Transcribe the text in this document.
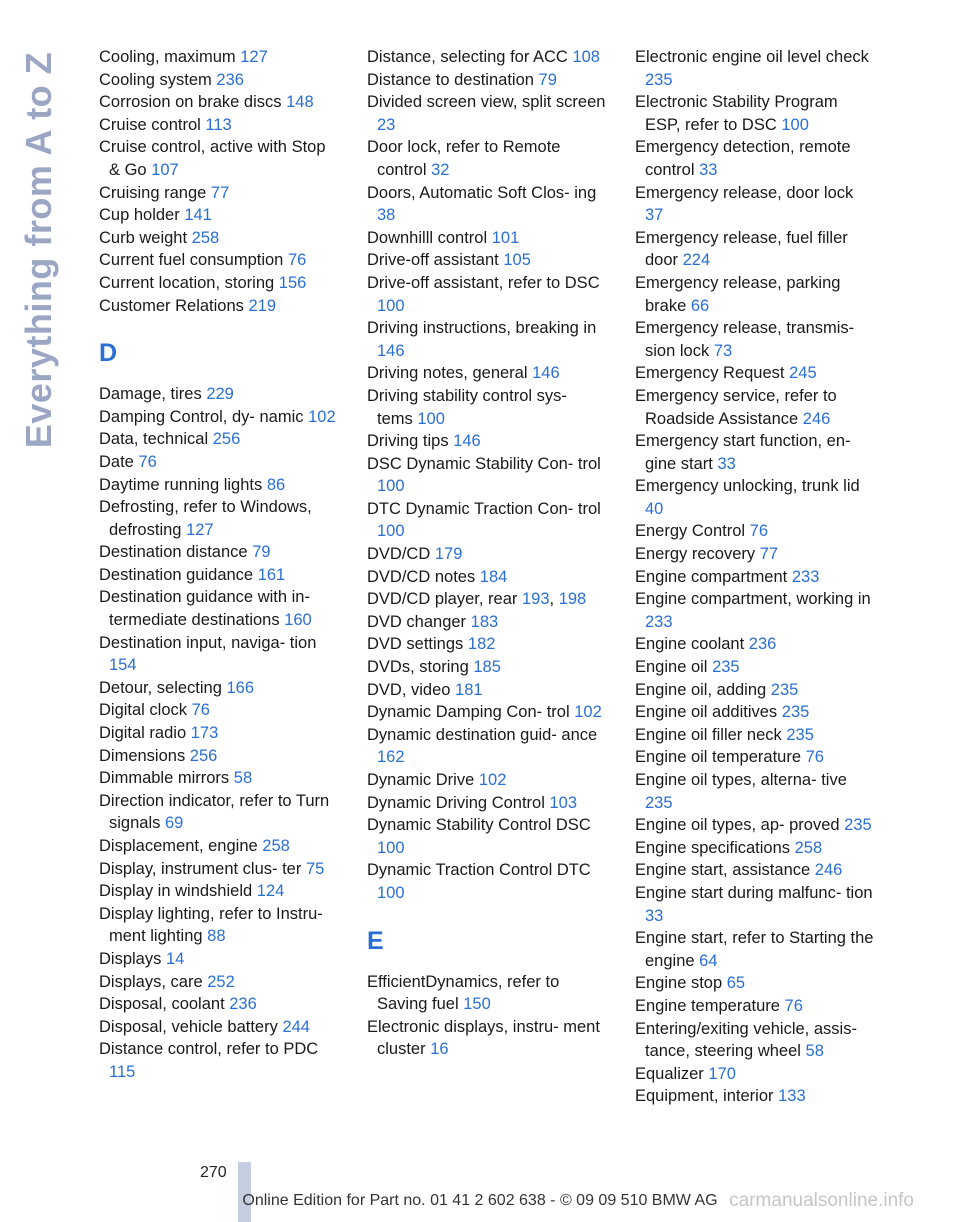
Everything from A to Z Cooling, maximum 127
Cooling system 236
Corrosion on brake discs 148
Cruise control 113
Cruise control, active with Stop & Go 107
Cruising range 77
Cup holder 141
Curb weight 258
Current fuel consumption 76
Current location, storing 156
Customer Relations 219
D
Damage, tires 229
Damping Control, dy- namic 102
Data, technical 256
Date 76
Daytime running lights 86
Defrosting, refer to Windows, defrosting 127
Destination distance 79
Destination guidance 161
Destination guidance with in- termediate destinations 160
Destination input, naviga- tion 154
Detour, selecting 166
Digital clock 76
Digital radio 173
Dimensions 256
Dimmable mirrors 58
Direction indicator, refer to Turn signals 69
Displacement, engine 258
Display, instrument clus- ter 75
Display in windshield 124
Display lighting, refer to Instru- ment lighting 88
Displays 14
Displays, care 252
Disposal, coolant 236
Disposal, vehicle battery 244
Distance control, refer to PDC 115
Distance, selecting for ACC 108
Distance to destination 79
Divided screen view, split screen 23
Door lock, refer to Remote control 32
Doors, Automatic Soft Clos- ing 38
Downhilll control 101
Drive-off assistant 105
Drive-off assistant, refer to DSC 100
Driving instructions, breaking in 146
Driving notes, general 146
Driving stability control sys- tems 100
Driving tips 146
DSC Dynamic Stability Con- trol 100
DTC Dynamic Traction Con- trol 100
DVD/CD 179
DVD/CD notes 184
DVD/CD player, rear 193, 198
DVD changer 183
DVD settings 182
DVDs, storing 185
DVD, video 181
Dynamic Damping Con- trol 102
Dynamic destination guid- ance 162
Dynamic Drive 102
Dynamic Driving Control 103
Dynamic Stability Control DSC 100
Dynamic Traction Control DTC 100
E
EfficientDynamics, refer to Saving fuel 150
Electronic displays, instru- ment cluster 16
Electronic engine oil level check 235
Electronic Stability Program ESP, refer to DSC 100
Emergency detection, remote control 33
Emergency release, door lock 37
Emergency release, fuel filler door 224
Emergency release, parking brake 66
Emergency release, transmis- sion lock 73
Emergency Request 245
Emergency service, refer to Roadside Assistance 246
Emergency start function, en- gine start 33
Emergency unlocking, trunk lid 40
Energy Control 76
Energy recovery 77
Engine compartment 233
Engine compartment, working in 233
Engine coolant 236
Engine oil 235
Engine oil, adding 235
Engine oil additives 235
Engine oil filler neck 235
Engine oil temperature 76
Engine oil types, alterna- tive 235
Engine oil types, ap- proved 235
Engine specifications 258
Engine start, assistance 246
Engine start during malfunc- tion 33
Engine start, refer to Starting the engine 64
Engine stop 65
Engine temperature 76
Entering/exiting vehicle, assis- tance, steering wheel 58
Equalizer 170
Equipment, interior 133
270
Online Edition for Part no. 01 41 2 602 638 - © 09 09 510 BMW AG carmanualsonline.info
